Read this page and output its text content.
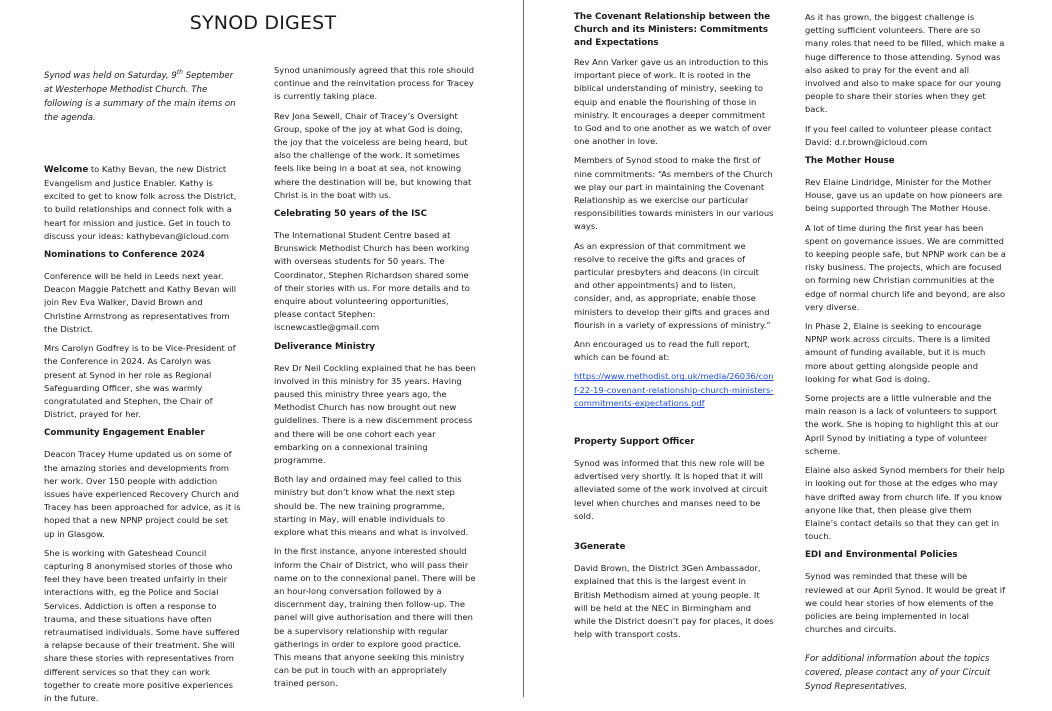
SYNOD DIGEST

Synod was held on Saturday, 9th September at Westerhope Methodist Church. The following is a summary of the main items on the agenda.

Welcome to Kathy Bevan, the new District Evangelism and Justice Enabler. Kathy is excited to get to know folk across the District, to build relationships and connect folk with a heart for mission and justice. Get in touch to discuss your ideas: kathybevan@icloud.com

Nominations to Conference 2024

Conference will be held in Leeds next year. Deacon Maggie Patchett and Kathy Bevan will join Rev Eva Walker, David Brown and Christine Armstrong as representatives from the District.

Mrs Carolyn Godfrey is to be Vice-President of the Conference in 2024. As Carolyn was present at Synod in her role as Regional Safeguarding Officer, she was warmly congratulated and Stephen, the Chair of District, prayed for her.

Community Engagement Enabler

Deacon Tracey Hume updated us on some of the amazing stories and developments from her work. Over 150 people with addiction issues have experienced Recovery Church and Tracey has been approached for advice, as it is hoped that a new NPNP project could be set up in Glasgow.

She is working with Gateshead Council capturing 8 anonymised stories of those who feel they have been treated unfairly in their interactions with, eg the Police and Social Services. Addiction is often a response to trauma, and these situations have often retraumatised individuals. Some have suffered a relapse because of their treatment. She will share these stories with representatives from different services so that they can work together to create more positive experiences in the future.

Synod unanimously agreed that this role should continue and the reinvitation process for Tracey is currently taking place.

Rev Jona Sewell, Chair of Tracey’s Oversight Group, spoke of the joy at what God is doing, the joy that the voiceless are being heard, but also the challenge of the work. It sometimes feels like being in a boat at sea, not knowing where the destination will be, but knowing that Christ is in the boat with us.

Celebrating 50 years of the ISC

The International Student Centre based at Brunswick Methodist Church has been working with overseas students for 50 years. The Coordinator, Stephen Richardson shared some of their stories with us. For more details and to enquire about volunteering opportunities, please contact Stephen: iscnewcastle@gmail.com

Deliverance Ministry

Rev Dr Neil Cockling explained that he has been involved in this ministry for 35 years. Having paused this ministry three years ago, the Methodist Church has now brought out new guidelines. There is a new discernment process and there will be one cohort each year embarking on a connexional training programme.

Both lay and ordained may feel called to this ministry but don’t know what the next step should be. The new training programme, starting in May, will enable individuals to explore what this means and what is involved.

In the first instance, anyone interested should inform the Chair of District, who will pass their name on to the connexional panel. There will be an hour-long conversation followed by a discernment day, training then follow-up. The panel will give authorisation and there will then be a supervisory relationship with regular gatherings in order to explore good practice. This means that anyone seeking this ministry can be put in touch with an appropriately trained person.

The Covenant Relationship between the Church and its Ministers: Commitments and Expectations

Rev Ann Varker gave us an introduction to this important piece of work. It is rooted in the biblical understanding of ministry, seeking to equip and enable the flourishing of those in ministry. It encourages a deeper commitment to God and to one another as we watch of over one another in love.

Members of Synod stood to make the first of nine commitments: “As members of the Church we play our part in maintaining the Covenant Relationship as we exercise our particular responsibilities towards ministers in our various ways.

As an expression of that commitment we resolve to receive the gifts and graces of particular presbyters and deacons (in circuit and other appointments) and to listen, consider, and, as appropriate, enable those ministers to develop their gifts and graces and flourish in a variety of expressions of ministry.”

Ann encouraged us to read the full report, which can be found at:

https://www.methodist.org.uk/media/26036/conf-22-19-covenant-relationship-church-ministers-commitments-expectations.pdf

Property Support Officer

Synod was informed that this new role will be advertised very shortly. It is hoped that it will alleviated some of the work involved at circuit level when churches and manses need to be sold.

3Generate

David Brown, the District 3Gen Ambassador, explained that this is the largest event in British Methodism aimed at young people. It will be held at the NEC in Birmingham and while the District doesn’t pay for places, it does help with transport costs.

As it has grown, the biggest challenge is getting sufficient volunteers. There are so many roles that need to be filled, which make a huge difference to those attending. Synod was also asked to pray for the event and all involved and also to make space for our young people to share their stories when they get back.

If you feel called to volunteer please contact David: d.r.brown@icloud.com

The Mother House

Rev Elaine Lindridge, Minister for the Mother House, gave us an update on how pioneers are being supported through The Mother House.

A lot of time during the first year has been spent on governance issues. We are committed to keeping people safe, but NPNP work can be a risky business. The projects, which are focused on forming new Christian communities at the edge of normal church life and beyond, are also very diverse.

In Phase 2, Elaine is seeking to encourage NPNP work across circuits. There is a limited amount of funding available, but it is much more about getting alongside people and looking for what God is doing.

Some projects are a little vulnerable and the main reason is a lack of volunteers to support the work. She is hoping to highlight this at our April Synod by initiating a type of volunteer scheme.

Elaine also asked Synod members for their help in looking out for those at the edges who may have drifted away from church life. If you know anyone like that, then please give them Elaine’s contact details so that they can get in touch.

EDI and Environmental Policies

Synod was reminded that these will be reviewed at our April Synod. It would be great if we could hear stories of how elements of the policies are being implemented in local churches and circuits.

For additional information about the topics covered, please contact any of your Circuit Synod Representatives.
